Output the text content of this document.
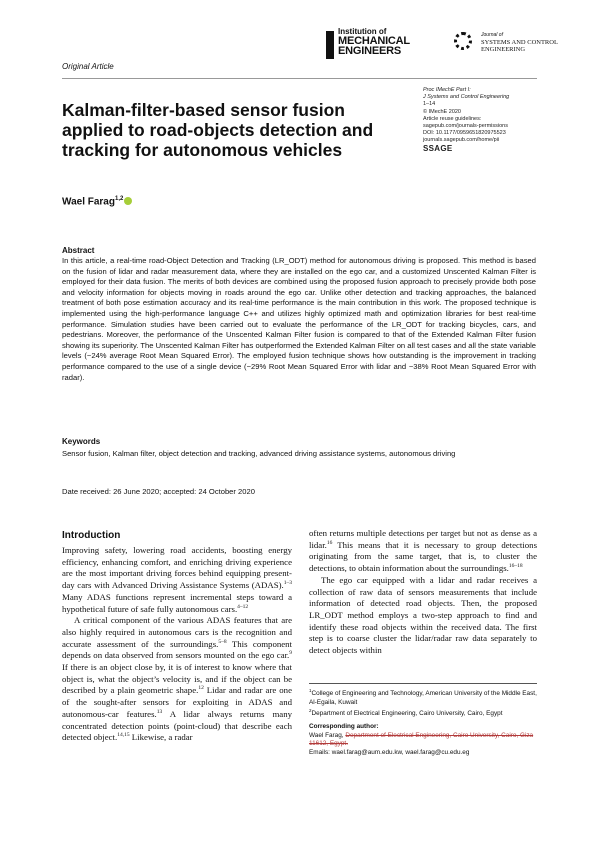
Original Article
Institution of
MECHANICAL
ENGINEERS
Journal of
SYSTEMS AND CONTROL
ENGINEERING
Kalman-filter-based sensor fusion applied to road-objects detection and tracking for autonomous vehicles
Proc IMechE Part I:
J Systems and Control Engineering
1–14
© IMechE 2020
Article reuse guidelines:
sagepub.com/journals-permissions
DOI: 10.1177/0959651820975523
journals.sagepub.com/home/pii
SSAGE
Wael Farag$^{1,2}$
Abstract
In this article, a real-time road-Object Detection and Tracking (LR_ODT) method for autonomous driving is proposed. This method is based on the fusion of lidar and radar measurement data, where they are installed on the ego car, and a customized Unscented Kalman Filter is employed for their data fusion. The merits of both devices are combined using the proposed fusion approach to precisely provide both pose and velocity information for objects moving in roads around the ego car. Unlike other detection and tracking approaches, the balanced treatment of both pose estimation accuracy and its real-time performance is the main contribution in this work. The proposed technique is implemented using the high-performance language C++ and utilizes highly optimized math and optimization libraries for best real-time performance. Simulation studies have been carried out to evaluate the performance of the LR_ODT for tracking bicycles, cars, and pedestrians. Moreover, the performance of the Unscented Kalman Filter fusion is compared to that of the Extended Kalman Filter fusion showing its superiority. The Unscented Kalman Filter has outperformed the Extended Kalman Filter on all test cases and all the state variable levels (−24% average Root Mean Squared Error). The employed fusion technique shows how outstanding is the improvement in tracking performance compared to the use of a single device (−29% Root Mean Squared Error with lidar and −38% Root Mean Squared Error with radar).
Keywords
Sensor fusion, Kalman filter, object detection and tracking, advanced driving assistance systems, autonomous driving
Date received: 26 June 2020; accepted: 24 October 2020
Introduction

Improving safety, lowering road accidents, boosting energy efficiency, enhancing comfort, and enriching driving experience are the most important driving forces behind equipping present-day cars with Advanced Driving Assistance Systems (ADAS).$^{1-3}$ Many ADAS functions represent incremental steps toward a hypothetical future of safe fully autonomous cars.$^{4-12}$

A critical component of the various ADAS features that are also highly required in autonomous cars is the recognition and accurate assessment of the surroundings.$^{5-8}$ This component depends on data observed from sensors mounted on the ego car.$^9$ If there is an object close by, it is of interest to know where that object is, what the object’s velocity is, and if the object can be described by a plain geometric shape.$^{12}$ Lidar and radar are one of the sought-after sensors for exploiting in ADAS and autonomous-car features.$^{13}$ A lidar always returns many concentrated detection points (point-cloud) that describe each detected object.$^{14,15}$ Likewise, a radar

often returns multiple detections per target but not as dense as a lidar.$^{16}$ This means that it is necessary to group detections originating from the same target, that is, to cluster the detections, to obtain information about the surroundings.$^{16-18}$

The ego car equipped with a lidar and radar receives a collection of raw data of sensors measurements that include information of detected road objects. Then, the proposed LR_ODT method employs a two-step approach to find and identify these road objects within the received data. The first step is to coarse cluster the lidar/radar raw data separately to detect objects within

$^1$College of Engineering and Technology, American University of the Middle East, Al-Egaila, Kuwait
$^2$Department of Electrical Engineering, Cairo University, Cairo, Egypt
Corresponding author:
Wael Farag, Department of Electrical Engineering, Cairo University, Cairo, Giza 11612, Egypt.
Emails: wael.farag@aum.edu.kw, wael.farag@cu.edu.eg
